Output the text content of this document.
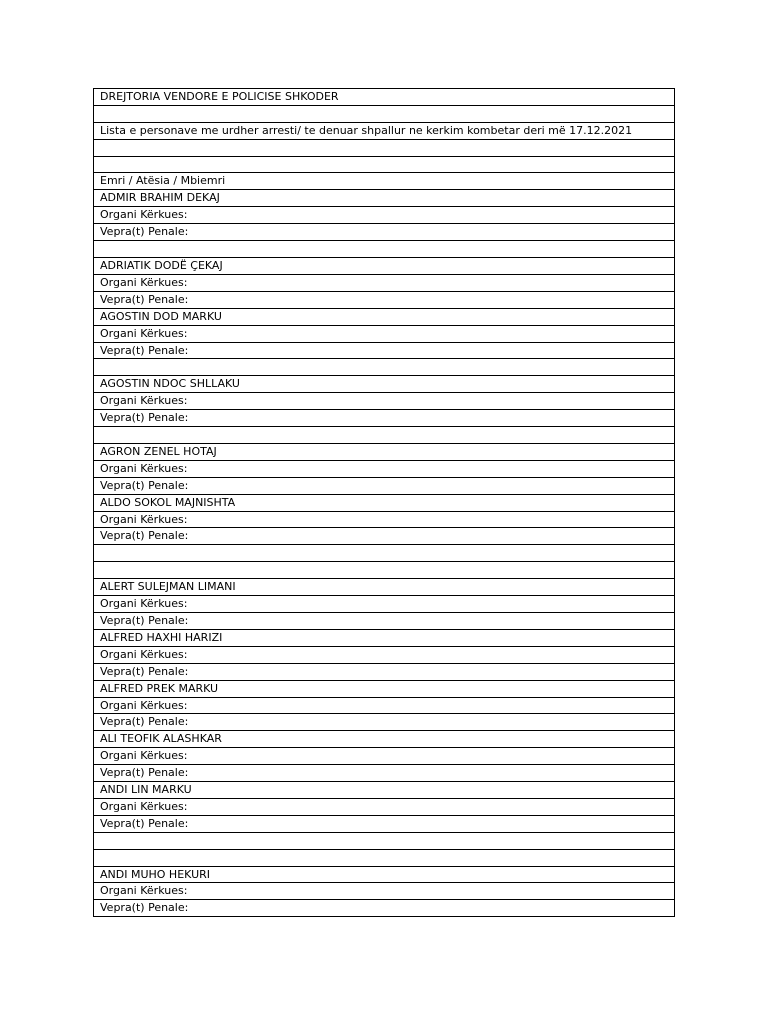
DREJTORIA VENDORE E POLICISE SHKODER

Lista e personave me urdher arresti/ te denuar shpallur ne kerkim kombetar deri më 17.12.2021

Emri / Atësia / Mbiemri
ADMIR BRAHIM DEKAJ
Organi Kërkues:
Vepra(t) Penale:

ADRIATIK DODË ÇEKAJ
Organi Kërkues:
Vepra(t) Penale:
AGOSTIN DOD MARKU
Organi Kërkues:
Vepra(t) Penale:

AGOSTIN NDOC SHLLAKU
Organi Kërkues:
Vepra(t) Penale:

AGRON ZENEL HOTAJ
Organi Kërkues:
Vepra(t) Penale:
ALDO SOKOL MAJNISHTA
Organi Kërkues:
Vepra(t) Penale:

ALERT SULEJMAN LIMANI
Organi Kërkues:
Vepra(t) Penale:
ALFRED HAXHI HARIZI
Organi Kërkues:
Vepra(t) Penale:
ALFRED PREK MARKU
Organi Kërkues:
Vepra(t) Penale:
ALI TEOFIK ALASHKAR
Organi Kërkues:
Vepra(t) Penale:
ANDI LIN MARKU
Organi Kërkues:
Vepra(t) Penale:

ANDI MUHO HEKURI
Organi Kërkues:
Vepra(t) Penale:
